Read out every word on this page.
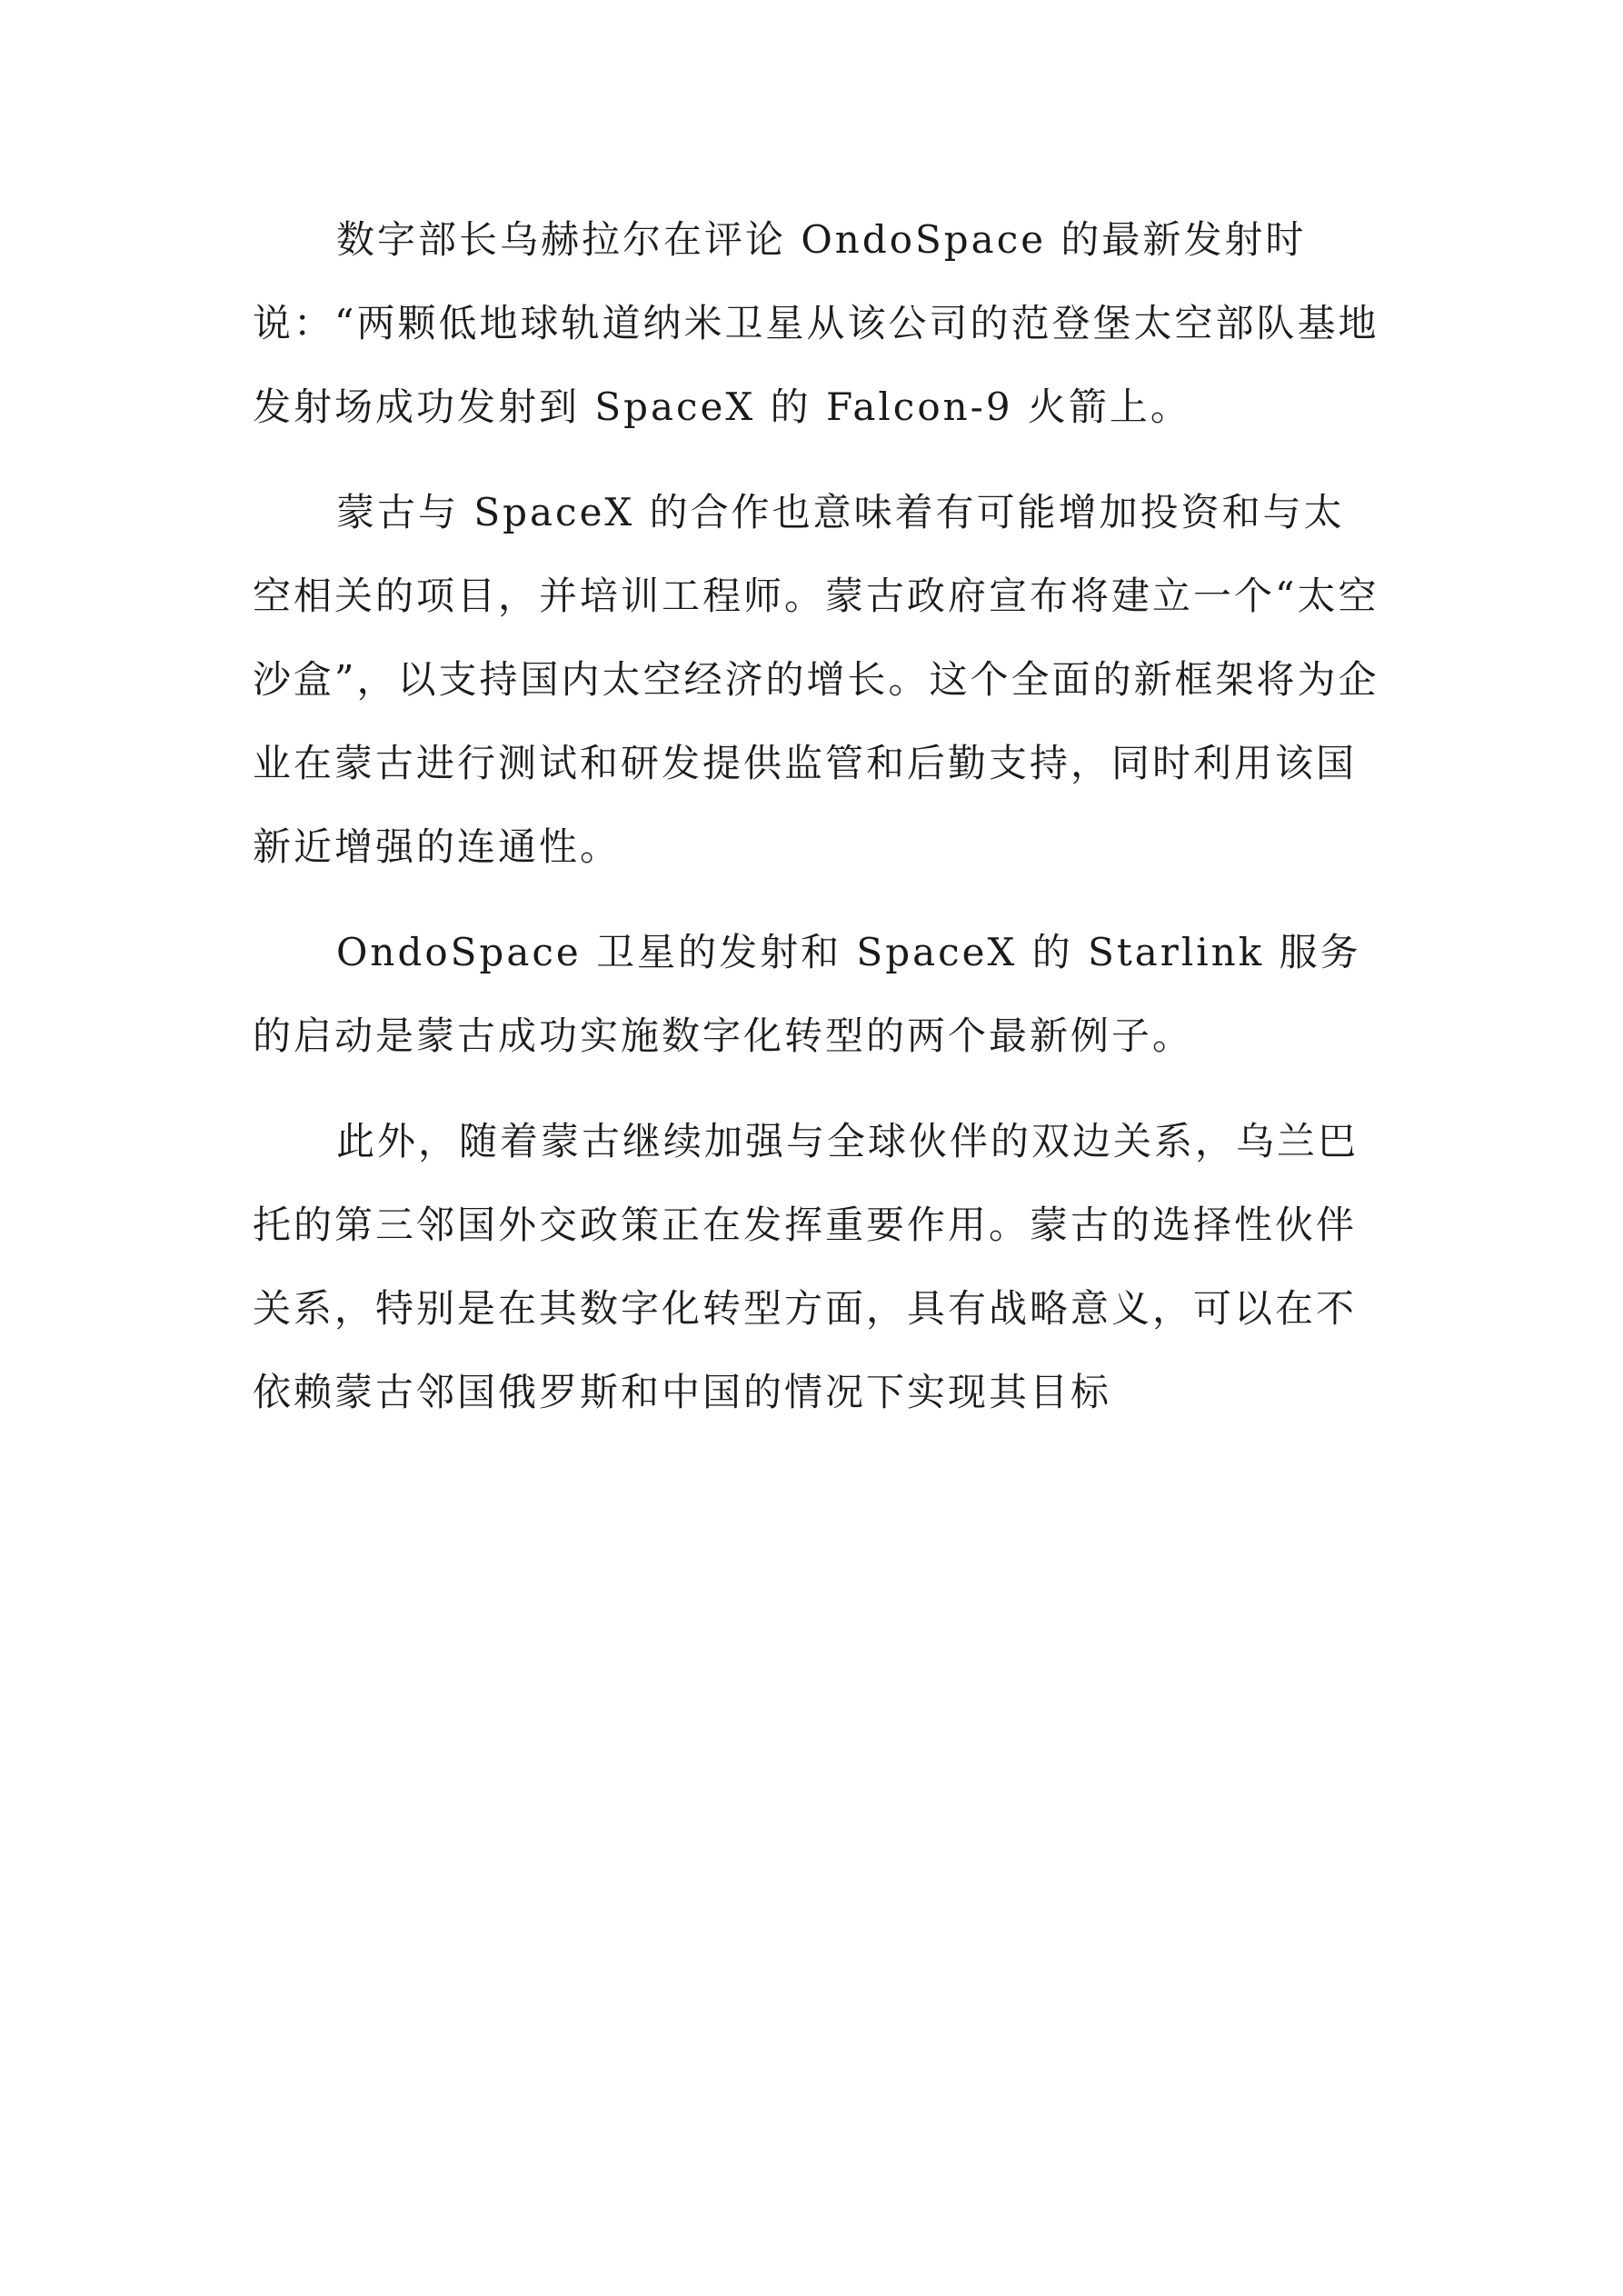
数字部长乌赫拉尔在评论 OndoSpace 的最新发射时说：“两颗低地球轨道纳米卫星从该公司的范登堡太空部队基地发射场成功发射到 SpaceX 的 Falcon-9 火箭上。

蒙古与 SpaceX 的合作也意味着有可能增加投资和与太空相关的项目，并培训工程师。蒙古政府宣布将建立一个“太空沙盒”，以支持国内太空经济的增长。这个全面的新框架将为企业在蒙古进行测试和研发提供监管和后勤支持，同时利用该国新近增强的连通性。

OndoSpace 卫星的发射和 SpaceX 的 Starlink 服务的启动是蒙古成功实施数字化转型的两个最新例子。

此外，随着蒙古继续加强与全球伙伴的双边关系，乌兰巴托的第三邻国外交政策正在发挥重要作用。蒙古的选择性伙伴关系，特别是在其数字化转型方面，具有战略意义，可以在不依赖蒙古邻国俄罗斯和中国的情况下实现其目标
